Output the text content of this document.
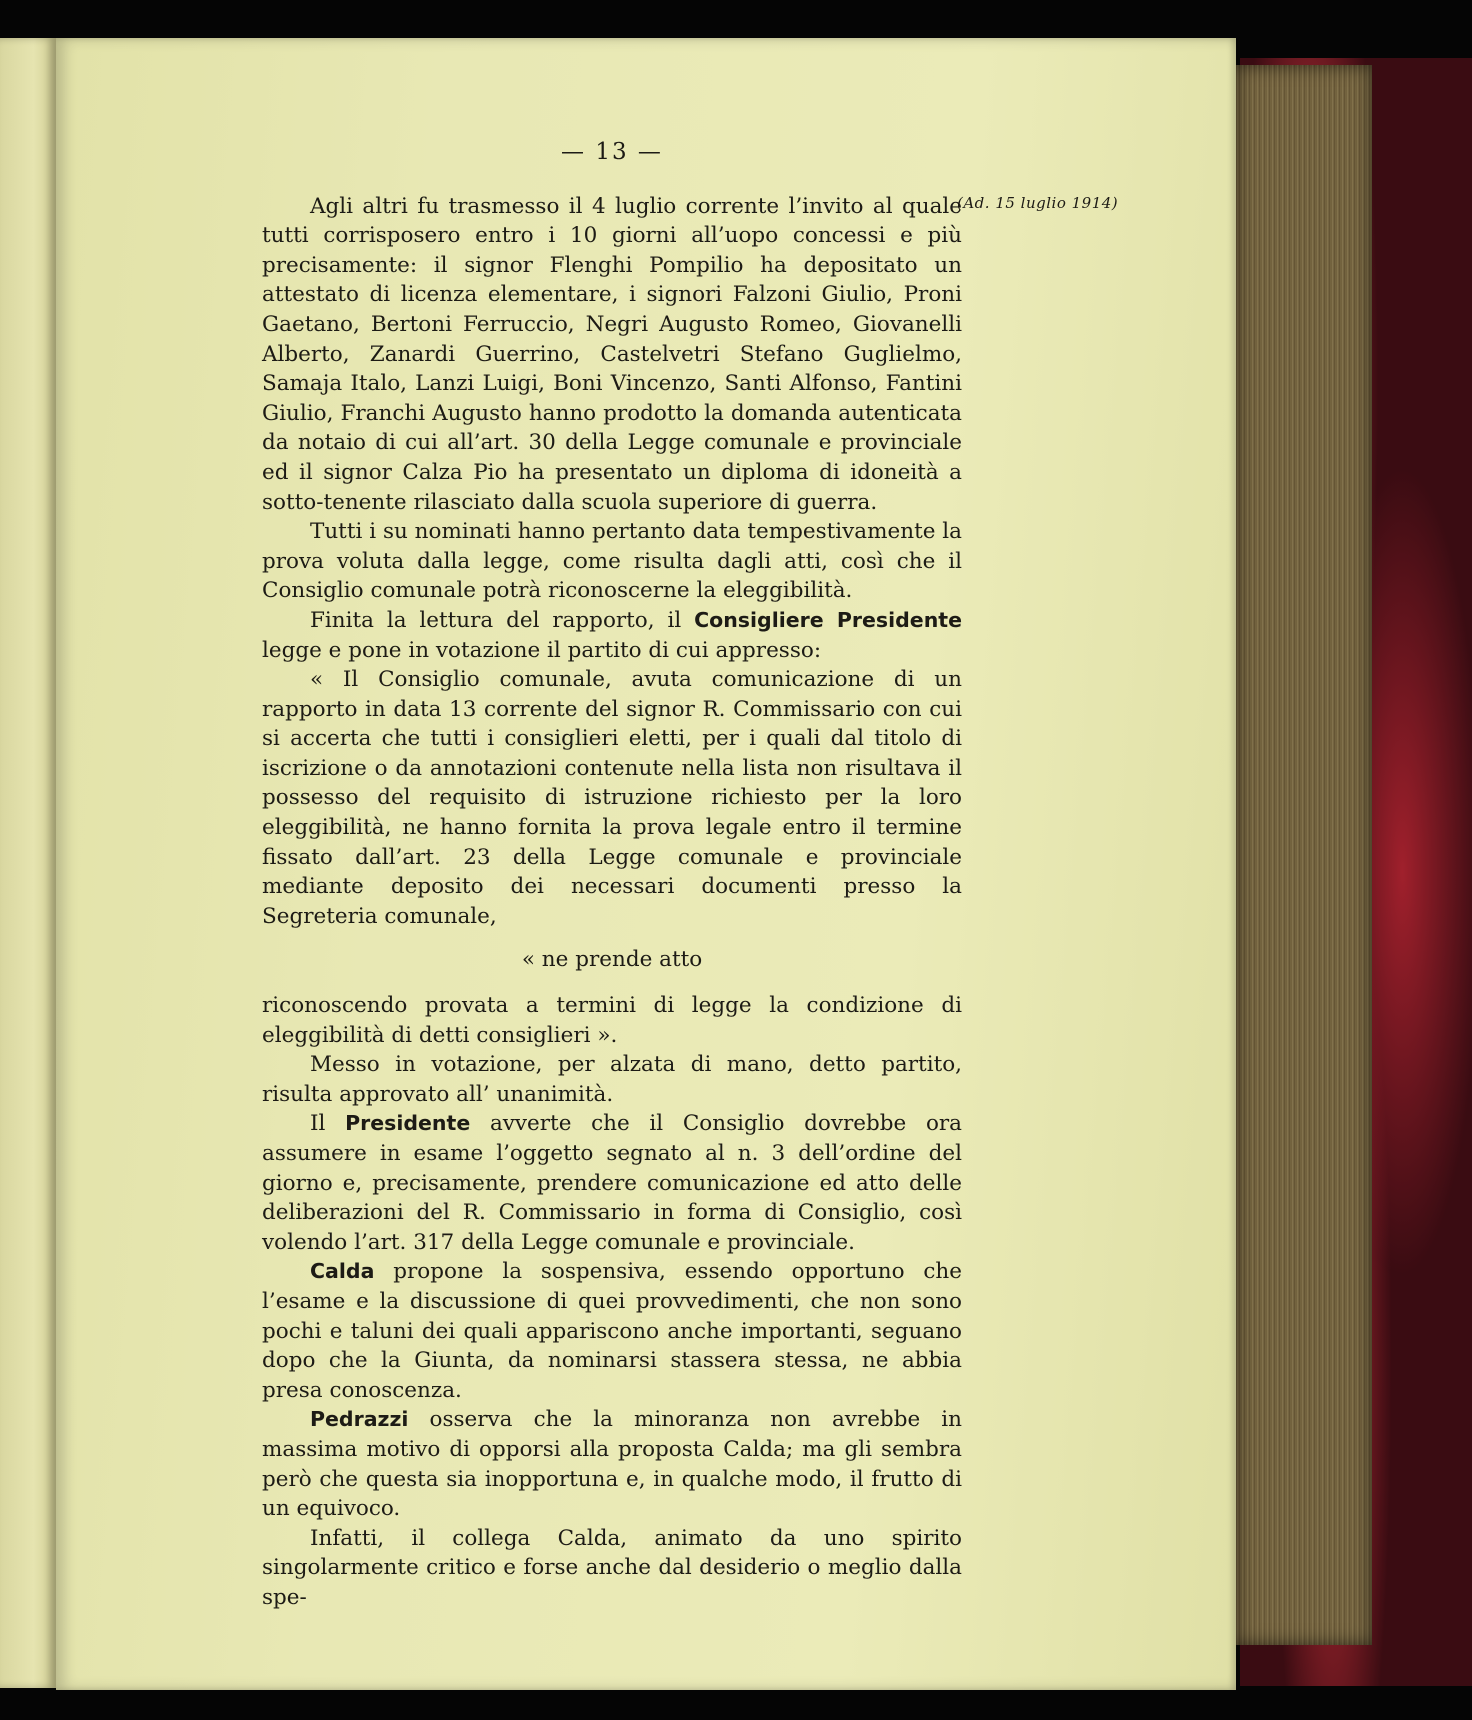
(Ad. 15 luglio 1914)
— 13 —

Agli altri fu trasmesso il 4 luglio corrente l’invito al quale tutti corrisposero entro i 10 giorni all’uopo concessi e più precisamente: il signor Flenghi Pompilio ha depositato un attestato di licenza elementare, i signori Falzoni Giulio, Proni Gaetano, Bertoni Ferruccio, Negri Augusto Romeo, Giovanelli Alberto, Zanardi Guerrino, Castelvetri Stefano Guglielmo, Samaja Italo, Lanzi Luigi, Boni Vincenzo, Santi Alfonso, Fantini Giulio, Franchi Augusto hanno prodotto la domanda autenticata da notaio di cui all’art. 30 della Legge comunale e provinciale ed il signor Calza Pio ha presentato un diploma di idoneità a sotto-tenente rilasciato dalla scuola superiore di guerra.

Tutti i su nominati hanno pertanto data tempestivamente la prova voluta dalla legge, come risulta dagli atti, così che il Consiglio comunale potrà riconoscerne la eleggibilità.

Finita la lettura del rapporto, il Consigliere Presidente legge e pone in votazione il partito di cui appresso:

« Il Consiglio comunale, avuta comunicazione di un rapporto in data 13 corrente del signor R. Commissario con cui si accerta che tutti i consiglieri eletti, per i quali dal titolo di iscrizione o da annotazioni contenute nella lista non risultava il possesso del requisito di istruzione richiesto per la loro eleggibilità, ne hanno fornita la prova legale entro il termine fissato dall’art. 23 della Legge comunale e provinciale mediante deposito dei necessari documenti presso la Segreteria comunale,

« ne prende atto

riconoscendo provata a termini di legge la condizione di eleggibilità di detti consiglieri ».

Messo in votazione, per alzata di mano, detto partito, risulta approvato all’ unanimità.

Il Presidente avverte che il Consiglio dovrebbe ora assumere in esame l’oggetto segnato al n. 3 dell’ordine del giorno e, precisamente, prendere comunicazione ed atto delle deliberazioni del R. Commissario in forma di Consiglio, così volendo l’art. 317 della Legge comunale e provinciale.

Calda propone la sospensiva, essendo opportuno che l’esame e la discussione di quei provvedimenti, che non sono pochi e taluni dei quali appariscono anche importanti, seguano dopo che la Giunta, da nominarsi stassera stessa, ne abbia presa conoscenza.

Pedrazzi osserva che la minoranza non avrebbe in massima motivo di opporsi alla proposta Calda; ma gli sembra però che questa sia inopportuna e, in qualche modo, il frutto di un equivoco.

Infatti, il collega Calda, animato da uno spirito singolarmente critico e forse anche dal desiderio o meglio dalla spe-
